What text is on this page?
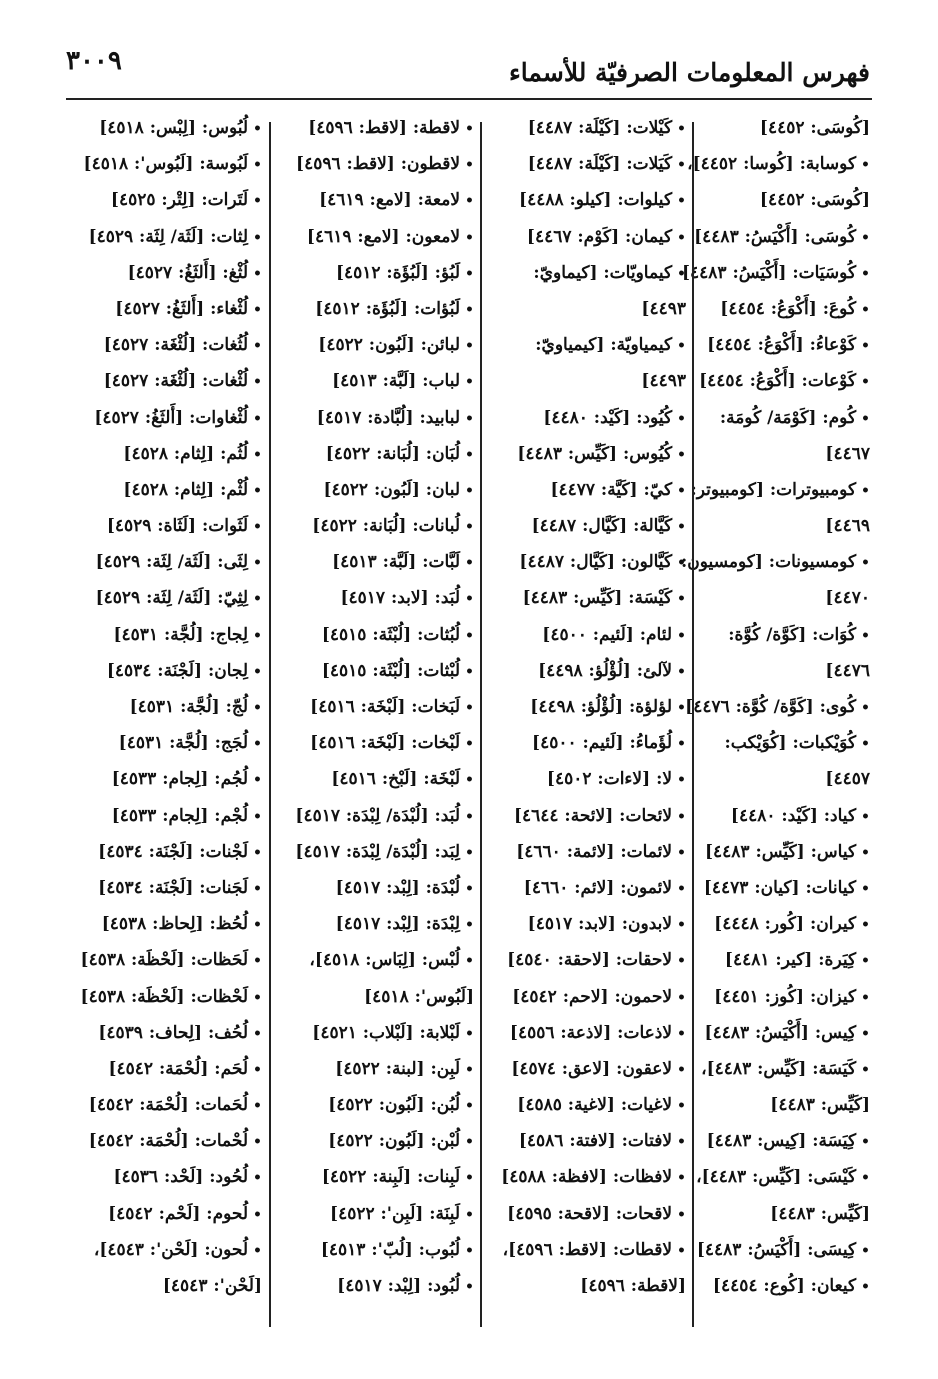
٣٠٠٩	فهرس المعلومات الصرفيّة للأسماء
[كُوسَى: ٤٤٥٢]
• كوسابة: [كُوسا: ٤٤٥٢]،
[كُوسَى: ٤٤٥٢]
• كُوسَى: [أَكْيَسُ: ٤٤٨٣]
• كُوسَيَات: [أَكْيَسُ: ٤٤٨٣]
• كُوعَ: [أَكْوَعُ: ٤٤٥٤]
• كَوْعاءُ: [أَكْوَعُ: ٤٤٥٤]
• كَوْعات: [أَكْوَعُ: ٤٤٥٤]
• كُوم: [كَوْمَة/ كُومَة:
٤٤٦٧]
• كومبيوترات: [كومبيوتر:
٤٤٦٩]
• كومسيونات: [كومسيون:
٤٤٧٠]
• كُوَات: [كَوَّة/ كُوَّة:
٤٤٧٦]
• كُوى: [كَوَّة/ كُوَّة: ٤٤٧٦]
• كُوَيْكبات: [كُوَيْكب:
٤٤٥٧]
• كياد: [كَيْد: ٤٤٨٠]
• كياس: [كَيِّس: ٤٤٨٣]
• كيانات: [كيان: ٤٤٧٣]
• كيران: [كُور: ٤٤٤٨]
• كِيَرة: [كير: ٤٤٨١]
• كيزان: [كُوز: ٤٤٥١]
• كِيس: [أَكْيَسُ: ٤٤٨٣]
• كَيَسَة: [كَيِّس: ٤٤٨٣]،
[كَيِّس: ٤٤٨٣]
• كِيَسَة: [كِيس: ٤٤٨٣]
• كَيْسَى: [كَيِّس: ٤٤٨٣]،
[كَيِّس: ٤٤٨٣]
• كِيسَى: [أَكْيَسُ: ٤٤٨٣]
• كيعان: [كُوع: ٤٤٥٤]
• كَيْلات: [كَيْلَة: ٤٤٨٧]
• كَيَلات: [كَيْلَة: ٤٤٨٧]
• كيلوات: [كيلو: ٤٤٨٨]
• كيمان: [كَوْم: ٤٤٦٧]
• كيماويّات: [كيماويّ:
٤٤٩٣]
• كيمياويّة: [كيمياويّ:
٤٤٩٣]
• كُيُود: [كَيْد: ٤٤٨٠]
• كُيُوس: [كَيِّس: ٤٤٨٣]
• كيّ: [كَيَّة: ٤٤٧٧]
• كَيَّالة: [كَيَّال: ٤٤٨٧]
• كَيَّالون: [كَيَّال: ٤٤٨٧]
• كَيْسَة: [كَيِّس: ٤٤٨٣]
• لئام: [لَئيم: ٤٥٠٠]
• لآلئ: [لُؤْلُؤ: ٤٤٩٨]
• لؤلؤة: [لُؤْلُؤ: ٤٤٩٨]
• لُؤَماءُ: [لَئيم: ٤٥٠٠]
• لا: [لاءات: ٤٥٠٢]
• لائحات: [لائحة: ٤٦٤٤]
• لائمات: [لائمة: ٤٦٦٠]
• لائمون: [لائم: ٤٦٦٠]
• لابدون: [لابد: ٤٥١٧]
• لاحقات: [لاحقة: ٤٥٤٠]
• لاحمون: [لاحم: ٤٥٤٢]
• لاذعات: [لاذعة: ٤٥٥٦]
• لاعقون: [لاعق: ٤٥٧٤]
• لاغيات: [لاغية: ٤٥٨٥]
• لافتات: [لافتة: ٤٥٨٦]
• لافظات: [لافظة: ٤٥٨٨]
• لاقحات: [لاقحة: ٤٥٩٥]
• لاقطات: [لاقط: ٤٥٩٦]،
[لاقطة: ٤٥٩٦]
• لاقطة: [لاقط: ٤٥٩٦]
• لاقطون: [لاقط: ٤٥٩٦]
• لامعة: [لامع: ٤٦١٩]
• لامعون: [لامع: ٤٦١٩]
• لَبُؤ: [لَبُؤَة: ٤٥١٢]
• لَبُؤات: [لَبُؤَة: ٤٥١٢]
• لبائن: [لَبُون: ٤٥٢٢]
• لباب: [لَبَّة: ٤٥١٣]
• لبابيد: [لُبَّادة: ٤٥١٧]
• لُبَان: [لُبَانة: ٤٥٢٢]
• لبان: [لَبُون: ٤٥٢٢]
• لُبانات: [لُبَانة: ٤٥٢٢]
• لَبَّات: [لَبَّة: ٤٥١٣]
• لُبَد: [لابد: ٤٥١٧]
• لُبُثات: [لُبْثَة: ٤٥١٥]
• لُبْثات: [لُبْثَة: ٤٥١٥]
• لَبَخات: [لَبْخَة: ٤٥١٦]
• لَبْخات: [لَبْخَة: ٤٥١٦]
• لَبْخَة: [لَبْخ: ٤٥١٦]
• لُبَد: [لُبْدَة/ لِبْدَة: ٤٥١٧]
• لِبَد: [لُبْدَة/ لِبْدَة: ٤٥١٧]
• لُبْدَة: [لِبْد: ٤٥١٧]
• لِبْدَة: [لِبْد: ٤٥١٧]
• لُبْس: [لِبَاس: ٤٥١٨]،
[لَبُوس': ٤٥١٨]
• لَبْلابة: [لَبْلاب: ٤٥٢١]
• لَبِن: [لبنة: ٤٥٢٢]
• لُبُن: [لَبُون: ٤٥٢٢]
• لُبْن: [لَبُون: ٤٥٢٢]
• لَبِنات: [لَبِنة: ٤٥٢٢]
• لَبِنَة: [لَبِن': ٤٥٢٢]
• لُبُوب: [لُبّ': ٤٥١٣]
• لُبُود: [لِبْد: ٤٥١٧]
• لُبُوس: [لِبْس: ٤٥١٨]
• لَبُوسة: [لَبُوس': ٤٥١٨]
• لَتَرات: [لِتْر: ٤٥٢٥]
• لِثات: [لَثَة/ لِثَة: ٤٥٢٩]
• لُثْغ: [أَلثَغُ: ٤٥٢٧]
• لُثْغاء: [أَلثَغُ: ٤٥٢٧]
• لُثُغات: [لُثْغَة: ٤٥٢٧]
• لُثْغات: [لُثْغَة: ٤٥٢٧]
• لُثْغاوات: [أَلثَغُ: ٤٥٢٧]
• لُثُم: [لِثام: ٤٥٢٨]
• لُثْم: [لِثام: ٤٥٢٨]
• لَثَوات: [لَثَاة: ٤٥٢٩]
• لِثَى: [لَثَة/ لِثَة: ٤٥٢٩]
• لِثِيّ: [لَثَة/ لِثَة: ٤٥٢٩]
• لِجاج: [لُجَّة: ٤٥٣١]
• لِجان: [لَجْنَة: ٤٥٣٤]
• لُجّ: [لُجَّة: ٤٥٣١]
• لُجَج: [لُجَّة: ٤٥٣١]
• لُجُم: [لِجام: ٤٥٣٣]
• لُجْم: [لِجام: ٤٥٣٣]
• لَجْنات: [لَجْنَة: ٤٥٣٤]
• لَجَنات: [لَجْنَة: ٤٥٣٤]
• لُحُظ: [لِحاظ: ٤٥٣٨]
• لَحَظات: [لَحْظَة: ٤٥٣٨]
• لَحْظات: [لَحْظَة: ٤٥٣٨]
• لُحُف: [لِحاف: ٤٥٣٩]
• لُحَم: [لُحْمَة: ٤٥٤٢]
• لُحَمات: [لُحْمَة: ٤٥٤٢]
• لُحْمات: [لُحْمَة: ٤٥٤٢]
• لُحُود: [لَحْد: ٤٥٣٦]
• لُحوم: [لَحْم: ٤٥٤٢]
• لُحون: [لَحْن': ٤٥٤٣]،
[لَحْن': ٤٥٤٣]
